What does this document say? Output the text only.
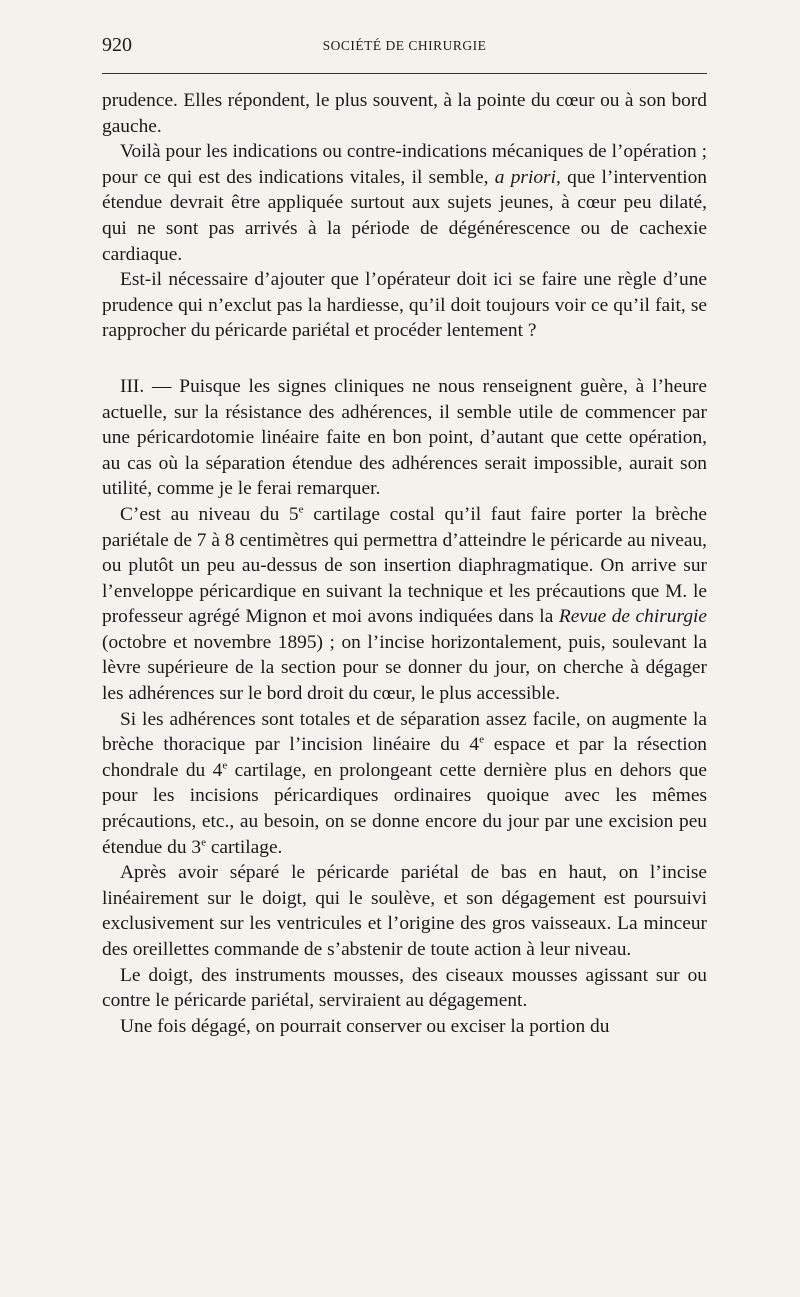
920	SOCIÉTÉ DE CHIRURGIE

prudence. Elles répondent, le plus souvent, à la pointe du cœur ou à son bord gauche.

Voilà pour les indications ou contre-indications mécaniques de l’opération ; pour ce qui est des indications vitales, il semble, a priori, que l’intervention étendue devrait être appliquée surtout aux sujets jeunes, à cœur peu dilaté, qui ne sont pas arrivés à la période de dégénérescence ou de cachexie cardiaque.

Est-il nécessaire d’ajouter que l’opérateur doit ici se faire une règle d’une prudence qui n’exclut pas la hardiesse, qu’il doit toujours voir ce qu’il fait, se rapprocher du péricarde pariétal et procéder lentement ?

III. — Puisque les signes cliniques ne nous renseignent guère, à l’heure actuelle, sur la résistance des adhérences, il semble utile de commencer par une péricardotomie linéaire faite en bon point, d’autant que cette opération, au cas où la séparation étendue des adhérences serait impossible, aurait son utilité, comme je le ferai remarquer.

C’est au niveau du 5e cartilage costal qu’il faut faire porter la brèche pariétale de 7 à 8 centimètres qui permettra d’atteindre le péricarde au niveau, ou plutôt un peu au-dessus de son insertion diaphragmatique. On arrive sur l’enveloppe péricardique en suivant la technique et les précautions que M. le professeur agrégé Mignon et moi avons indiquées dans la Revue de chirurgie (octobre et novembre 1895) ; on l’incise horizontalement, puis, soulevant la lèvre supérieure de la section pour se donner du jour, on cherche à dégager les adhérences sur le bord droit du cœur, le plus accessible.

Si les adhérences sont totales et de séparation assez facile, on augmente la brèche thoracique par l’incision linéaire du 4e espace et par la résection chondrale du 4e cartilage, en prolongeant cette dernière plus en dehors que pour les incisions péricardiques ordinaires quoique avec les mêmes précautions, etc., au besoin, on se donne encore du jour par une excision peu étendue du 3e cartilage.

Après avoir séparé le péricarde pariétal de bas en haut, on l’incise linéairement sur le doigt, qui le soulève, et son dégagement est poursuivi exclusivement sur les ventricules et l’origine des gros vaisseaux. La minceur des oreillettes commande de s’abstenir de toute action à leur niveau.

Le doigt, des instruments mousses, des ciseaux mousses agissant sur ou contre le péricarde pariétal, serviraient au dégagement.

Une fois dégagé, on pourrait conserver ou exciser la portion du
